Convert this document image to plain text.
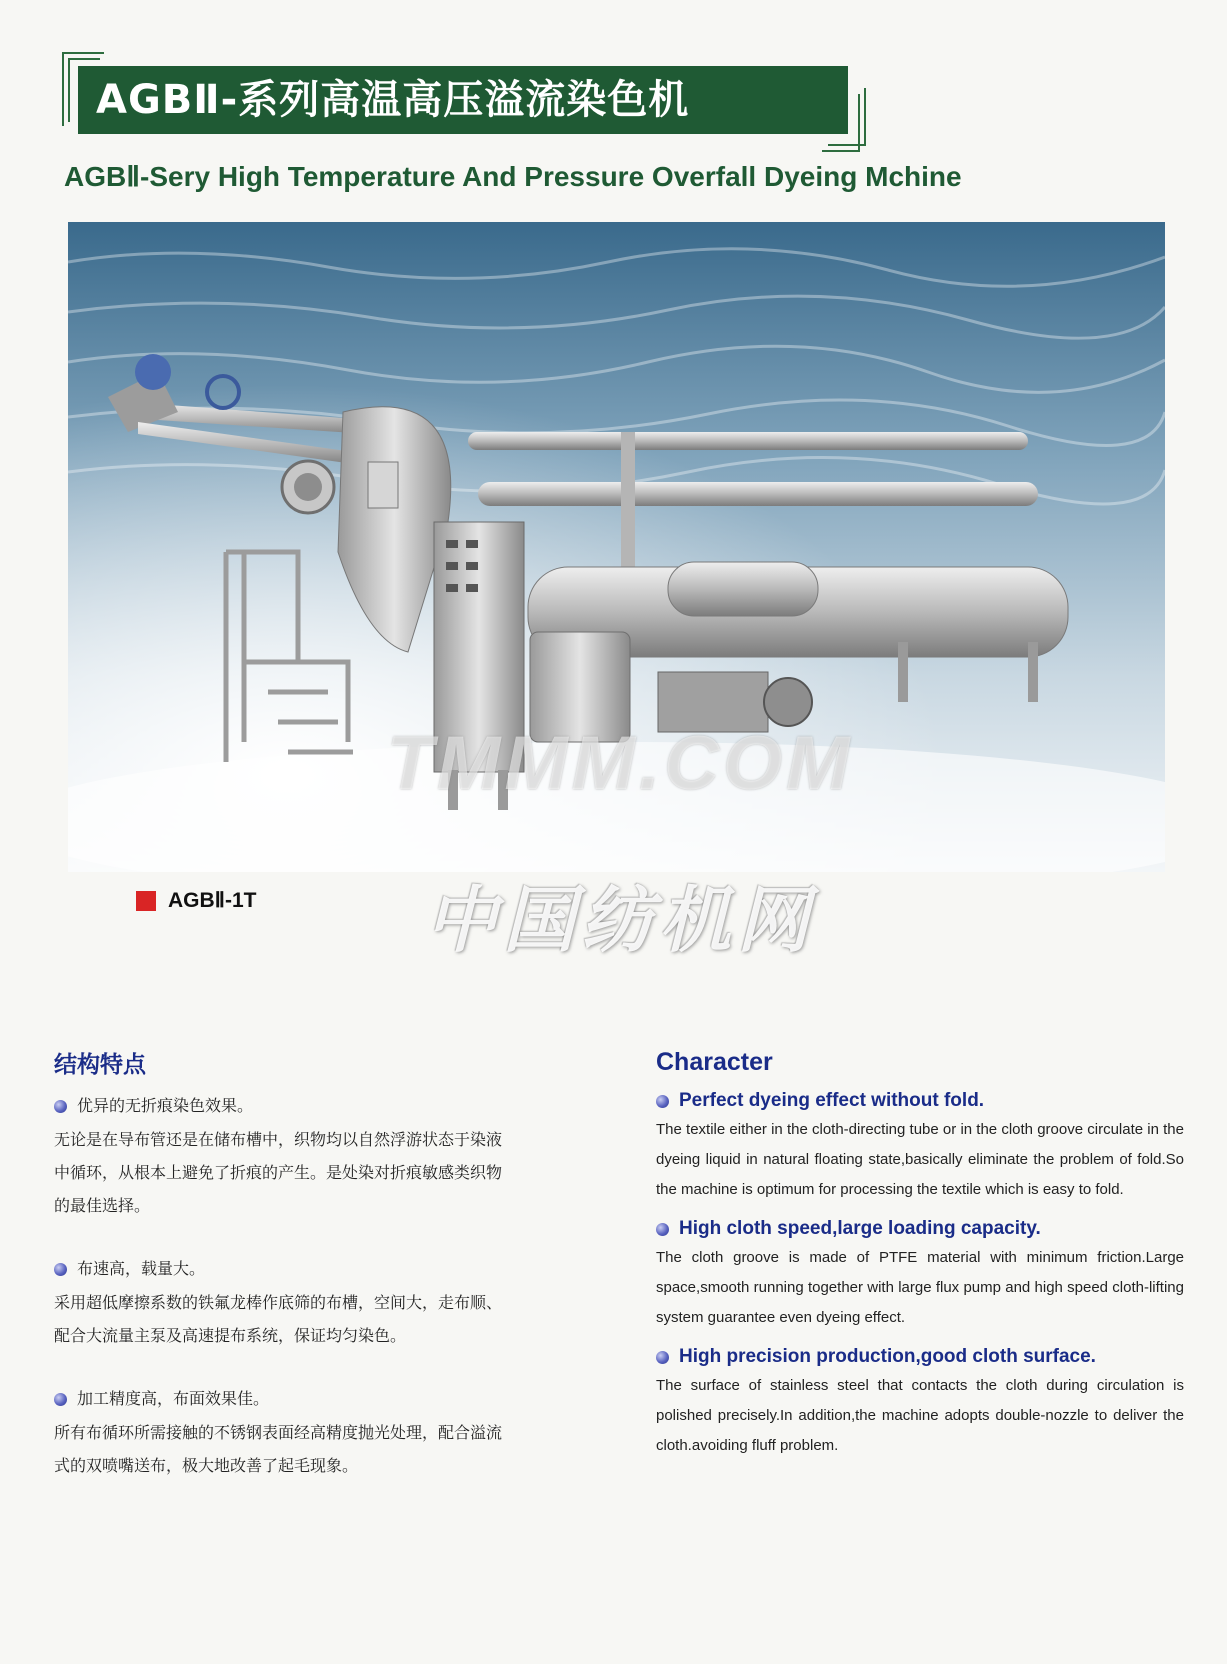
AGBⅡ-系列高温高压溢流染色机
AGBⅡ-Sery High Temperature And Pressure Overfall Dyeing Mchine
TMMM.COM
AGBⅡ-1T	中国纺机网
结构特点
优异的无折痕染色效果。
无论是在导布管还是在储布槽中，织物均以自然浮游状态于染液
中循环，从根本上避免了折痕的产生。是处染对折痕敏感类织物
的最佳选择。
布速高，载量大。
采用超低摩擦系数的铁氟龙棒作底筛的布槽，空间大，走布顺、
配合大流量主泵及高速提布系统，保证均匀染色。
加工精度高，布面效果佳。
所有布循环所需接触的不锈钢表面经高精度抛光处理，配合溢流
式的双喷嘴送布，极大地改善了起毛现象。
Character
Perfect dyeing effect without fold.
The textile either in the cloth-directing tube or in the cloth groove circulate in the dyeing liquid in natural floating state,basically eliminate the problem of fold.So the machine is optimum for processing the textile which is easy to fold.
High cloth speed,large loading capacity.
The cloth groove is made of PTFE material with minimum friction.Large space,smooth running together with large flux pump and high speed cloth-lifting system guarantee even dyeing effect.
High precision production,good cloth surface.
The surface of stainless steel that contacts the cloth during circulation is polished precisely.In addition,the machine adopts double-nozzle to deliver the cloth.avoiding fluff problem.
